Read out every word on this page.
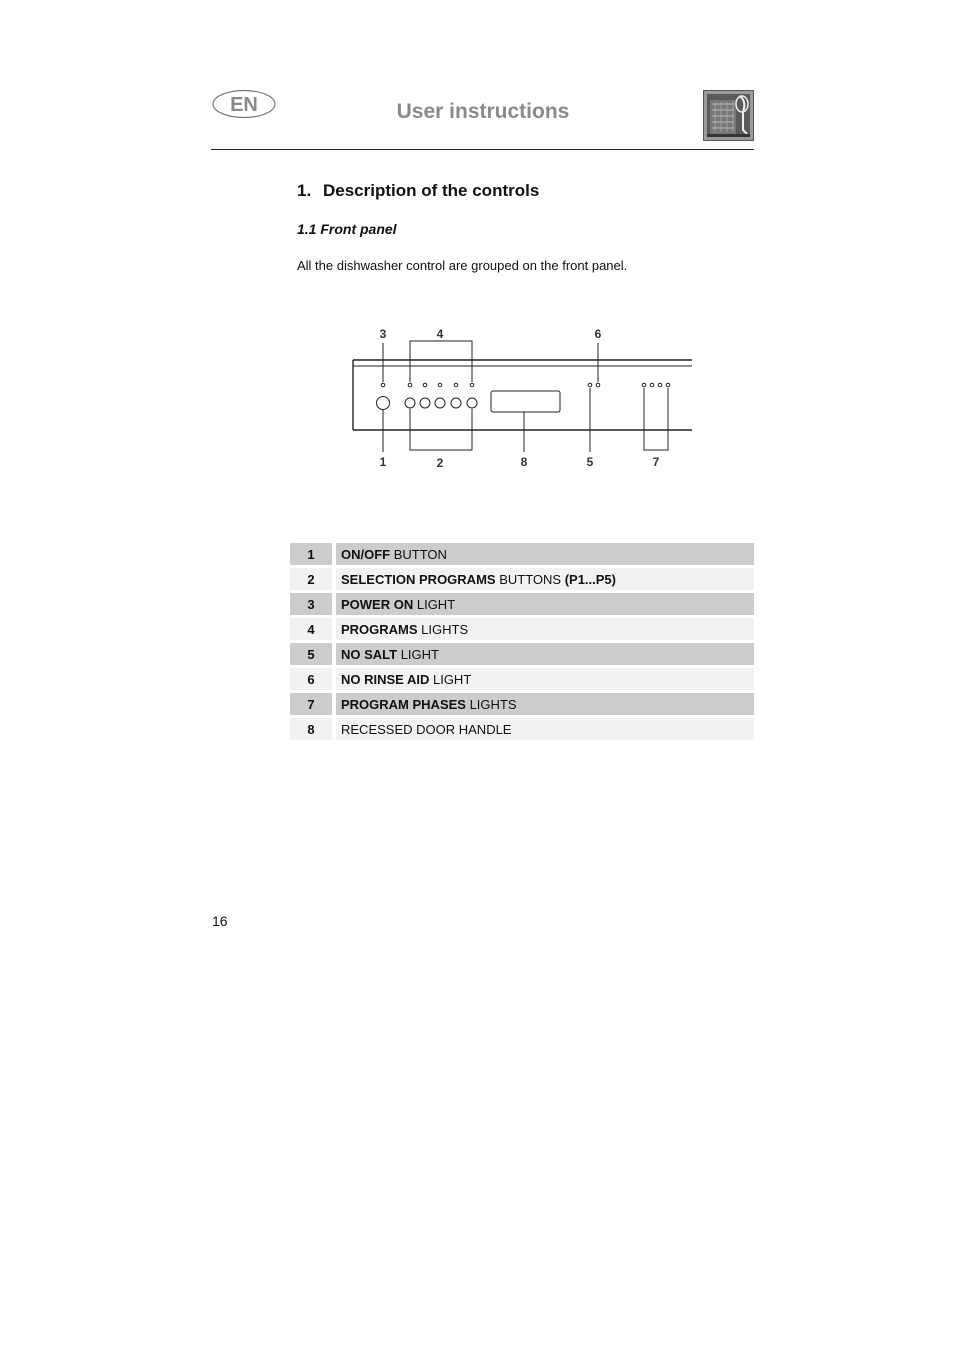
EN	User instructions
1. Description of the controls
1.1 Front panel
All the dishwasher control are grouped on the front panel.
3	4	6
1	2	8	5	7
1		ON/OFF BUTTON
2		SELECTION PROGRAMS BUTTONS (P1...P5)
3		POWER ON LIGHT
4		PROGRAMS LIGHTS
5		NO SALT LIGHT
6		NO RINSE AID LIGHT
7		PROGRAM PHASES LIGHTS
8		RECESSED DOOR HANDLE
16
